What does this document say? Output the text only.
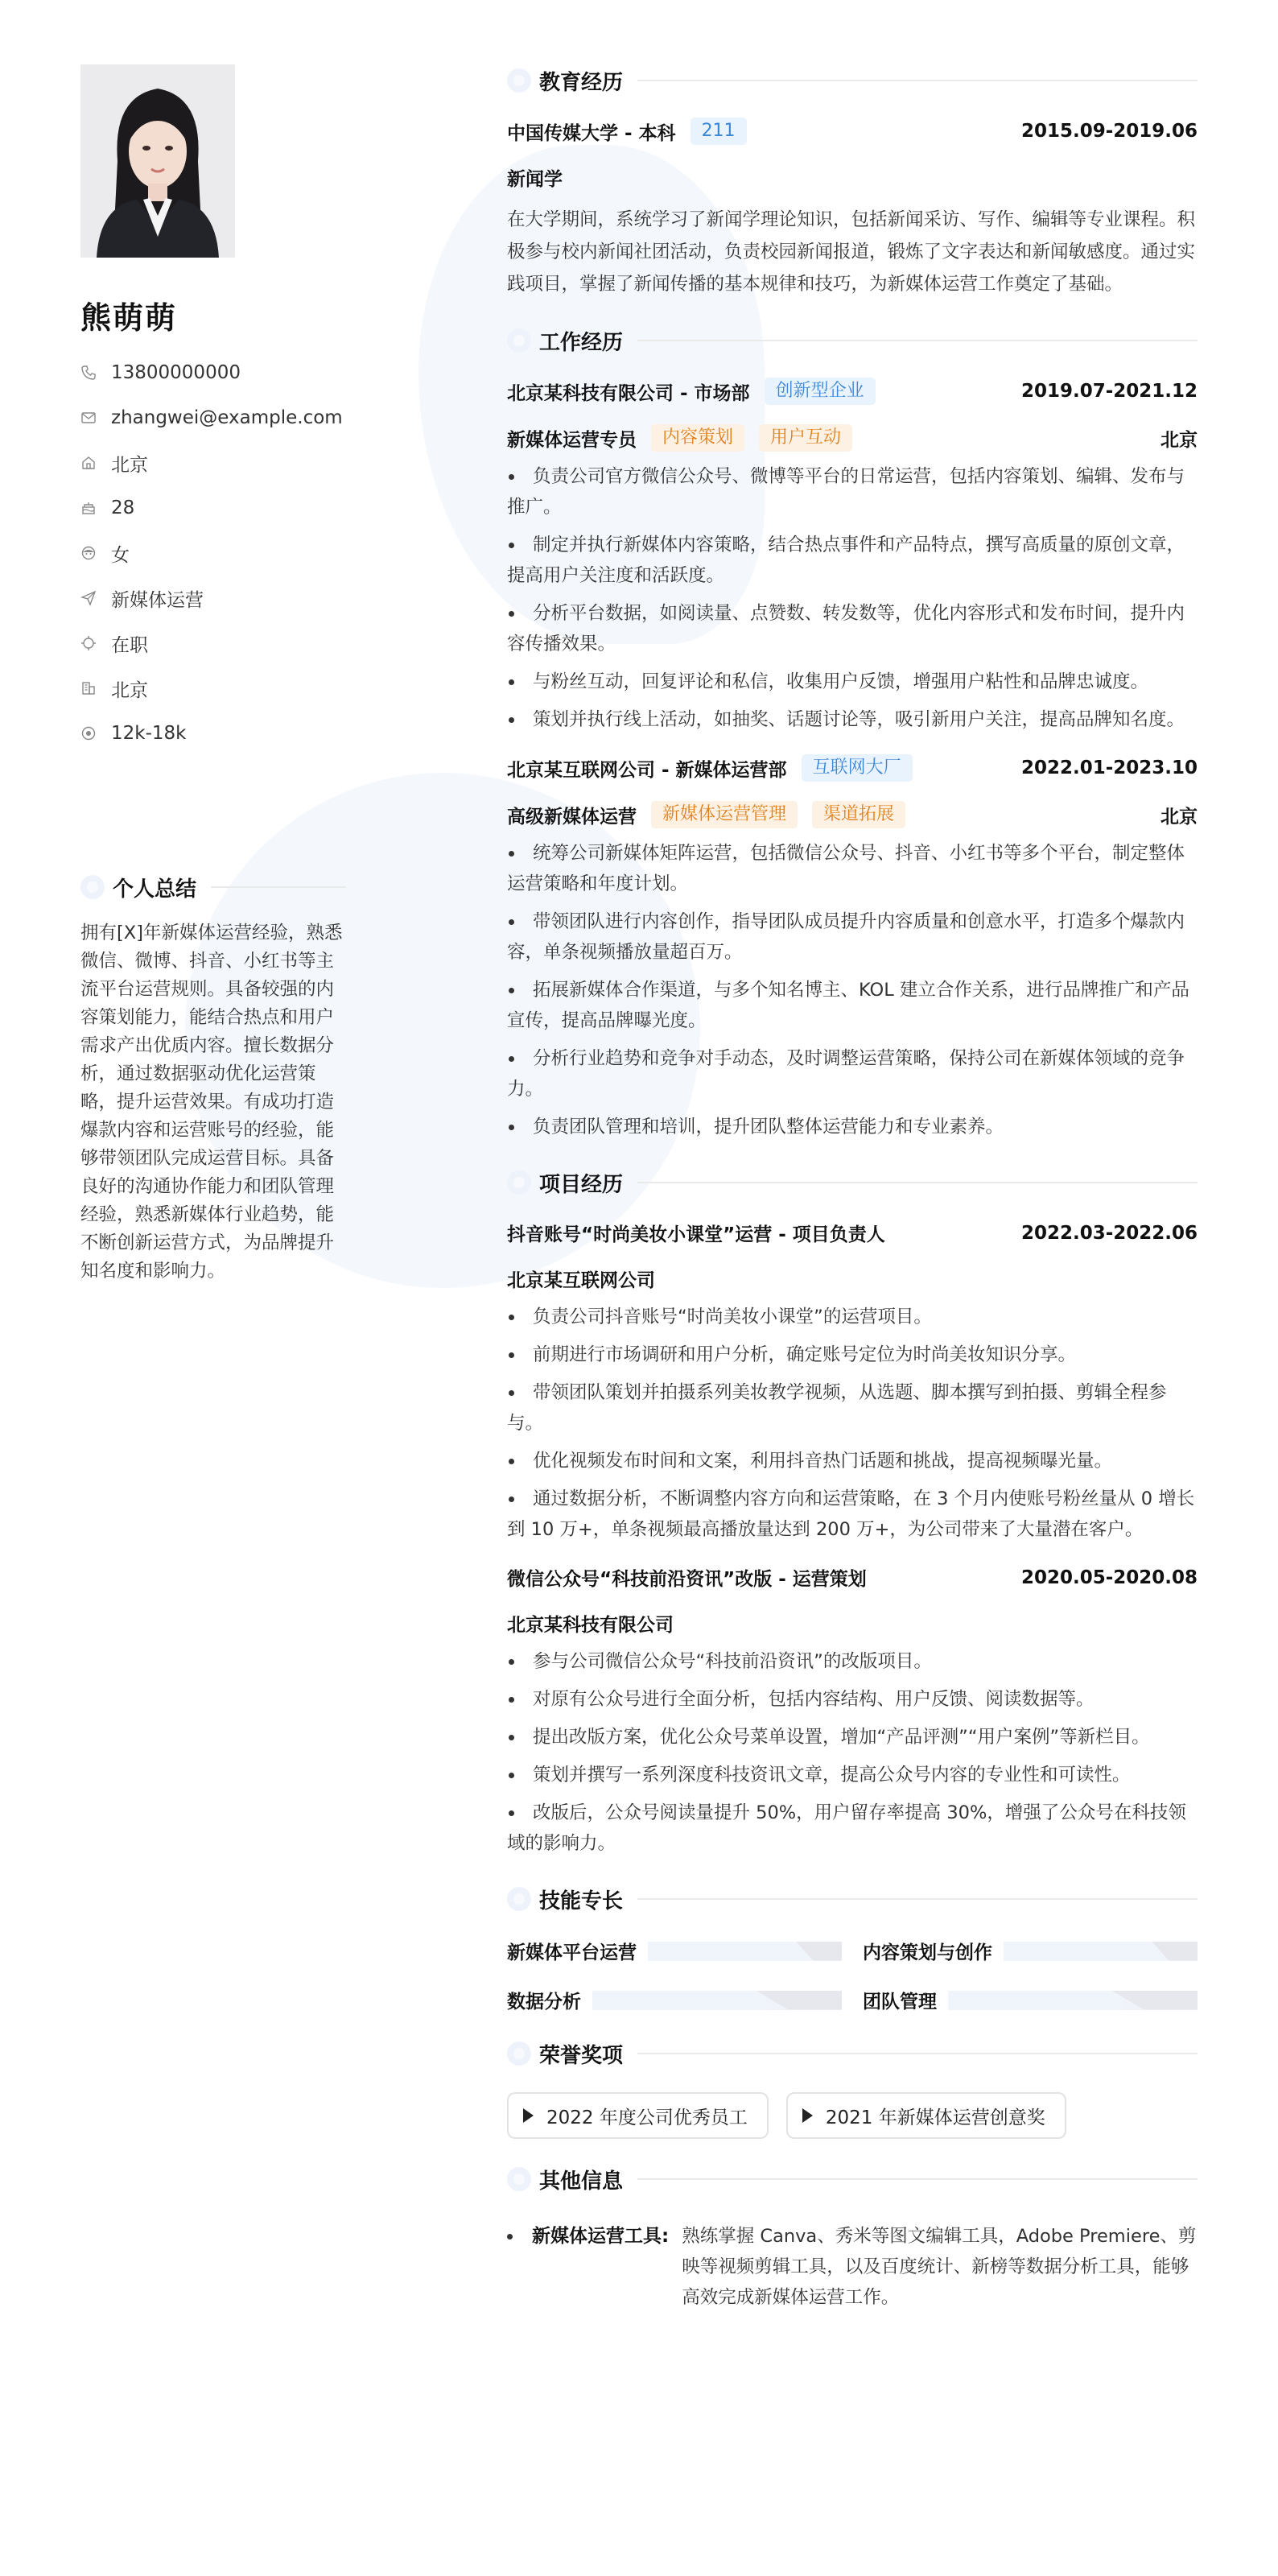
熊萌萌
13800000000
zhangwei@example.com
北京
28
女
新媒体运营
在职
北京
12k-18k
个人总结
拥有[X]年新媒体运营经验，熟悉微信、微博、抖音、小红书等主流平台运营规则。具备较强的内容策划能力，能结合热点和用户需求产出优质内容。擅长数据分析，通过数据驱动优化运营策略，提升运营效果。有成功打造爆款内容和运营账号的经验，能够带领团队完成运营目标。具备良好的沟通协作能力和团队管理经验，熟悉新媒体行业趋势，能不断创新运营方式，为品牌提升知名度和影响力。
教育经历
中国传媒大学 - 本科	211	2015.09-2019.06
新闻学
在大学期间，系统学习了新闻学理论知识，包括新闻采访、写作、编辑等专业课程。积极参与校内新闻社团活动，负责校园新闻报道，锻炼了文字表达和新闻敏感度。通过实践项目，掌握了新闻传播的基本规律和技巧，为新媒体运营工作奠定了基础。
工作经历
北京某科技有限公司 - 市场部	创新型企业	2019.07-2021.12
新媒体运营专员	内容策划	用户互动	北京
负责公司官方微信公众号、微博等平台的日常运营，包括内容策划、编辑、发布与推广。
制定并执行新媒体内容策略，结合热点事件和产品特点，撰写高质量的原创文章，提高用户关注度和活跃度。
分析平台数据，如阅读量、点赞数、转发数等，优化内容形式和发布时间，提升内容传播效果。
与粉丝互动，回复评论和私信，收集用户反馈，增强用户粘性和品牌忠诚度。
策划并执行线上活动，如抽奖、话题讨论等，吸引新用户关注，提高品牌知名度。
北京某互联网公司 - 新媒体运营部	互联网大厂	2022.01-2023.10
高级新媒体运营	新媒体运营管理	渠道拓展	北京
统筹公司新媒体矩阵运营，包括微信公众号、抖音、小红书等多个平台，制定整体运营策略和年度计划。
带领团队进行内容创作，指导团队成员提升内容质量和创意水平，打造多个爆款内容，单条视频播放量超百万。
拓展新媒体合作渠道，与多个知名博主、KOL 建立合作关系，进行品牌推广和产品宣传，提高品牌曝光度。
分析行业趋势和竞争对手动态，及时调整运营策略，保持公司在新媒体领域的竞争力。
负责团队管理和培训，提升团队整体运营能力和专业素养。
项目经历
抖音账号“时尚美妆小课堂”运营 - 项目负责人	2022.03-2022.06
北京某互联网公司
负责公司抖音账号“时尚美妆小课堂”的运营项目。
前期进行市场调研和用户分析，确定账号定位为时尚美妆知识分享。
带领团队策划并拍摄系列美妆教学视频，从选题、脚本撰写到拍摄、剪辑全程参与。
优化视频发布时间和文案，利用抖音热门话题和挑战，提高视频曝光量。
通过数据分析，不断调整内容方向和运营策略，在 3 个月内使账号粉丝量从 0 增长到 10 万+，单条视频最高播放量达到 200 万+，为公司带来了大量潜在客户。
微信公众号“科技前沿资讯”改版 - 运营策划	2020.05-2020.08
北京某科技有限公司
参与公司微信公众号“科技前沿资讯”的改版项目。
对原有公众号进行全面分析，包括内容结构、用户反馈、阅读数据等。
提出改版方案，优化公众号菜单设置，增加“产品评测”“用户案例”等新栏目。
策划并撰写一系列深度科技资讯文章，提高公众号内容的专业性和可读性。
改版后，公众号阅读量提升 50%，用户留存率提高 30%，增强了公众号在科技领域的影响力。
技能专长
新媒体平台运营	内容策划与创作
数据分析	团队管理
荣誉奖项
2022 年度公司优秀员工	2021 年新媒体运营创意奖
其他信息
新媒体运营工具: 熟练掌握 Canva、秀米等图文编辑工具，Adobe Premiere、剪映等视频剪辑工具，以及百度统计、新榜等数据分析工具，能够高效完成新媒体运营工作。
